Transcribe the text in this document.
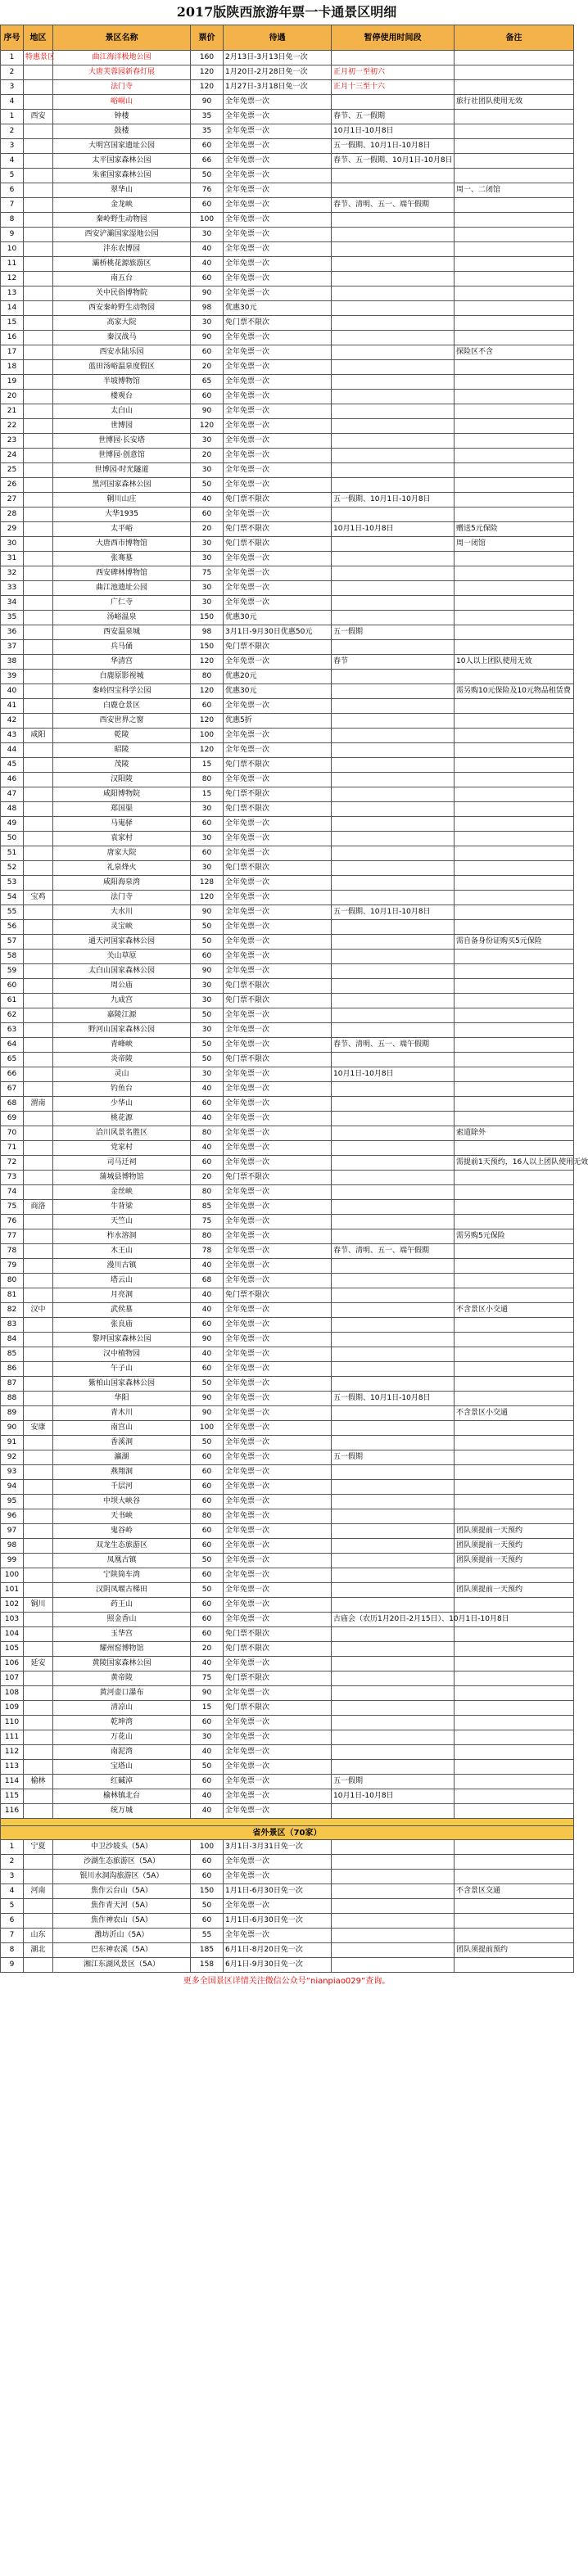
2017版陕西旅游年票一卡通景区明细
序号	地区	景区名称	票价	待遇	暂停使用时间段	备注
1	特惠景区	曲江海洋极地公园	160	2月13日-3月13日免一次		
2		大唐芙蓉园新春灯展	120	1月20日-2月28日免一次	正月初一至初六	
3		法门寺	120	1月27日-3月18日免一次	正月十三至十六	
4		峪峒山	90	全年免票一次		旅行社团队使用无效
1	西安	钟楼	35	全年免票一次	春节、五一假期	
2		鼓楼	35	全年免票一次	10月1日-10月8日	
3		大明宫国家遗址公园	60	全年免票一次	五一假期、10月1日-10月8日	
4		太平国家森林公园	66	全年免票一次	春节、五一假期、10月1日-10月8日	
5		朱雀国家森林公园	50	全年免票一次		
6		翠华山	76	全年免票一次		周一、二闭馆
7		金龙峡	60	全年免票一次	春节、清明、五一、端午假期	
8		秦岭野生动物园	100	全年免票一次		
9		西安浐灞国家湿地公园	30	全年免票一次		
10		沣东农博园	40	全年免票一次		
11		灞桥桃花源旅游区	40	全年免票一次		
12		南五台	60	全年免票一次		
13		关中民俗博物院	90	全年免票一次		
14		西安秦岭野生动物园	98	优惠30元		
15		高家大院	30	免门票不限次		
16		秦汉战马	90	全年免票一次		
17		西安水陆乐园	60	全年免票一次		探险区不含
18		蓝田汤峪温泉度假区	20	全年免票一次		
19		半坡博物馆	65	全年免票一次		
20		楼观台	60	全年免票一次		
21		太白山	90	全年免票一次		
22		世博园	120	全年免票一次		
23		世博园·长安塔	30	全年免票一次		
24		世博园·创意馆	20	全年免票一次		
25		世博园·时光隧道	30	全年免票一次		
26		黑河国家森林公园	50	全年免票一次		
27		辋川山庄	40	免门票不限次	五一假期、10月1日-10月8日	
28		大华1935	60	全年免票一次		
29		太平峪	20	免门票不限次	10月1日-10月8日	赠送5元保险
30		大唐西市博物馆	30	免门票不限次		周一闭馆
31		张骞墓	30	全年免票一次		
32		西安碑林博物馆	75	全年免票一次		
33		曲江池遗址公园	30	全年免票一次		
34		广仁寺	30	全年免票一次		
35		汤峪温泉	150	优惠30元		
36		西安温泉城	98	3月1日-9月30日优惠50元	五一假期	
37		兵马俑	150	免门票不限次		
38		华清宫	120	全年免票一次	春节	10人以上团队使用无效
39		白鹿原影视城	80	优惠20元		
40		秦岭四宝科学公园	120	优惠30元		需另购10元保险及10元物品租赁费
41		白鹿仓景区	60	全年免票一次		
42		西安世界之窗	120	优惠5折		
43	咸阳	乾陵	100	全年免票一次		
44		昭陵	120	全年免票一次		
45		茂陵	15	免门票不限次		
46		汉阳陵	80	全年免票一次		
47		咸阳博物院	15	免门票不限次		
48		郑国渠	30	免门票不限次		
49		马嵬驿	60	全年免票一次		
50		袁家村	30	全年免票一次		
51		唐家大院	60	全年免票一次		
52		礼泉烽火	30	免门票不限次		
53		咸阳海泉湾	128	全年免票一次		
54	宝鸡	法门寺	120	全年免票一次		
55		大水川	90	全年免票一次	五一假期、10月1日-10月8日	
56		灵宝峡	50	全年免票一次		
57		通天河国家森林公园	50	全年免票一次		需自备身份证购买5元保险
58		关山草原	60	全年免票一次		
59		太白山国家森林公园	90	全年免票一次		
60		周公庙	30	免门票不限次		
61		九成宫	30	免门票不限次		
62		嘉陵江源	50	全年免票一次		
63		野河山国家森林公园	30	全年免票一次		
64		青峰峡	50	全年免票一次	春节、清明、五一、端午假期	
65		炎帝陵	50	免门票不限次		
66		灵山	30	全年免票一次	10月1日-10月8日	
67		钓鱼台	40	全年免票一次		
68	渭南	少华山	60	全年免票一次		
69		桃花源	40	全年免票一次		
70		洽川风景名胜区	80	全年免票一次		索道除外
71		党家村	40	全年免票一次		
72		司马迁祠	60	全年免票一次		需提前1天预约，16人以上团队使用无效
73		蒲城县博物馆	20	免门票不限次		
74		金丝峡	80	全年免票一次		
75	商洛	牛背梁	85	全年免票一次		
76		天竺山	75	全年免票一次		
77		柞水溶洞	80	全年免票一次		需另购5元保险
78		木王山	78	全年免票一次	春节、清明、五一、端午假期	
79		漫川古镇	40	全年免票一次		
80		塔云山	68	全年免票一次		
81		月亮洞	40	免门票不限次		
82	汉中	武侯墓	40	全年免票一次		不含景区小交通
83		张良庙	60	全年免票一次		
84		黎坪国家森林公园	90	全年免票一次		
85		汉中植物园	40	全年免票一次		
86		午子山	60	全年免票一次		
87		紫柏山国家森林公园	50	全年免票一次		
88		华阳	90	全年免票一次	五一假期、10月1日-10月8日	
89		青木川	90	全年免票一次		不含景区小交通
90	安康	南宫山	100	全年免票一次		
91		香溪洞	50	全年免票一次		
92		瀛湖	60	全年免票一次	五一假期	
93		燕翔洞	60	全年免票一次		
94		千层河	60	全年免票一次		
95		中坝大峡谷	60	全年免票一次		
96		天书峡	80	全年免票一次		
97		鬼谷岭	60	全年免票一次		团队须提前一天预约
98		双龙生态旅游区	60	全年免票一次		团队须提前一天预约
99		凤凰古镇	50	全年免票一次		团队须提前一天预约
100		宁陕筒车湾	60	全年免票一次		
101		汉阴凤堰古梯田	50	全年免票一次		团队须提前一天预约
102	铜川	药王山	60	全年免票一次		
103		照金香山	60	全年免票一次	古庙会（农历1月20日-2月15日）、10月1日-10月8日	
104		玉华宫	60	免门票不限次		
105		耀州窑博物馆	20	免门票不限次		
106	延安	黄陵国家森林公园	40	全年免票一次		
107		黄帝陵	75	免门票不限次		
108		黄河壶口瀑布	90	全年免票一次		
109		清凉山	15	免门票不限次		
110		乾坤湾	60	全年免票一次		
111		万花山	30	全年免票一次		
112		南泥湾	40	全年免票一次		
113		宝塔山	50	全年免票一次		
114	榆林	红碱淖	60	全年免票一次	五一假期	
115		榆林镇北台	40	全年免票一次	10月1日-10月8日	
116		统万城	40	全年免票一次		

省外景区（70家）						
1	宁夏	中卫沙坡头（5A）	100	3月1日-3月31日免一次		
2		沙湖生态旅游区（5A）	60	全年免票一次		
3		银川水洞沟旅游区（5A）	60	全年免票一次		
4	河南	焦作云台山（5A）	150	1月1日-6月30日免一次		不含景区交通
5		焦作青天河（5A）	50	全年免票一次		
6		焦作神农山（5A）	60	1月1日-6月30日免一次		
7	山东	潍坊沂山（5A）	55	全年免票一次		
8	湖北	巴东神农溪（5A）	185	6月1日-8月20日免一次		团队须提前预约
9		湘江东湖风景区（5A）	158	6月1日-9月30日免一次		
更多全国景区详情关注微信公众号“nianpiao029”查询。
